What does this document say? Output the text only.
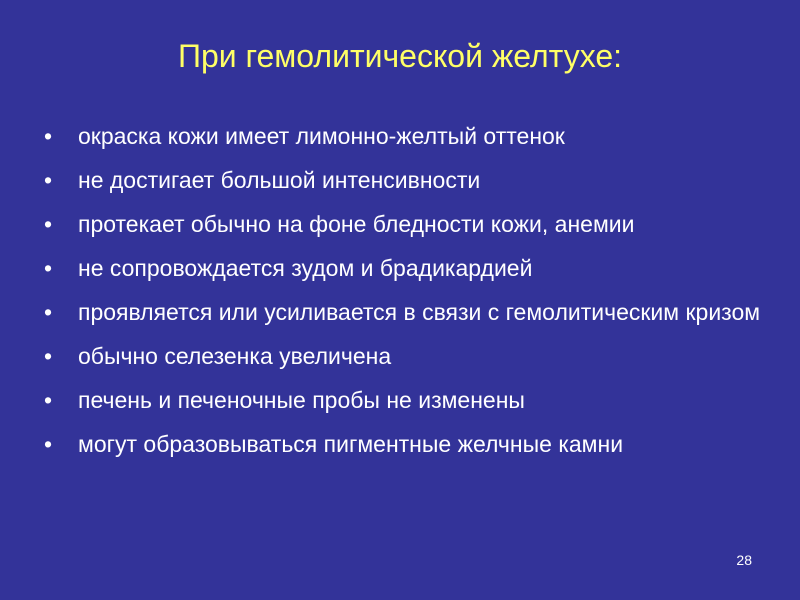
При гемолитической желтухе:
•	окраска кожи имеет лимонно-желтый оттенок
•	не достигает большой интенсивности
•	протекает обычно на фоне бледности кожи, анемии
•	не сопровождается зудом и брадикардией
•	проявляется или усиливается в связи с гемолитическим кризом
•	обычно селезенка увеличена
•	печень и печеночные пробы не изменены
•	могут образовываться пигментные желчные камни
28
